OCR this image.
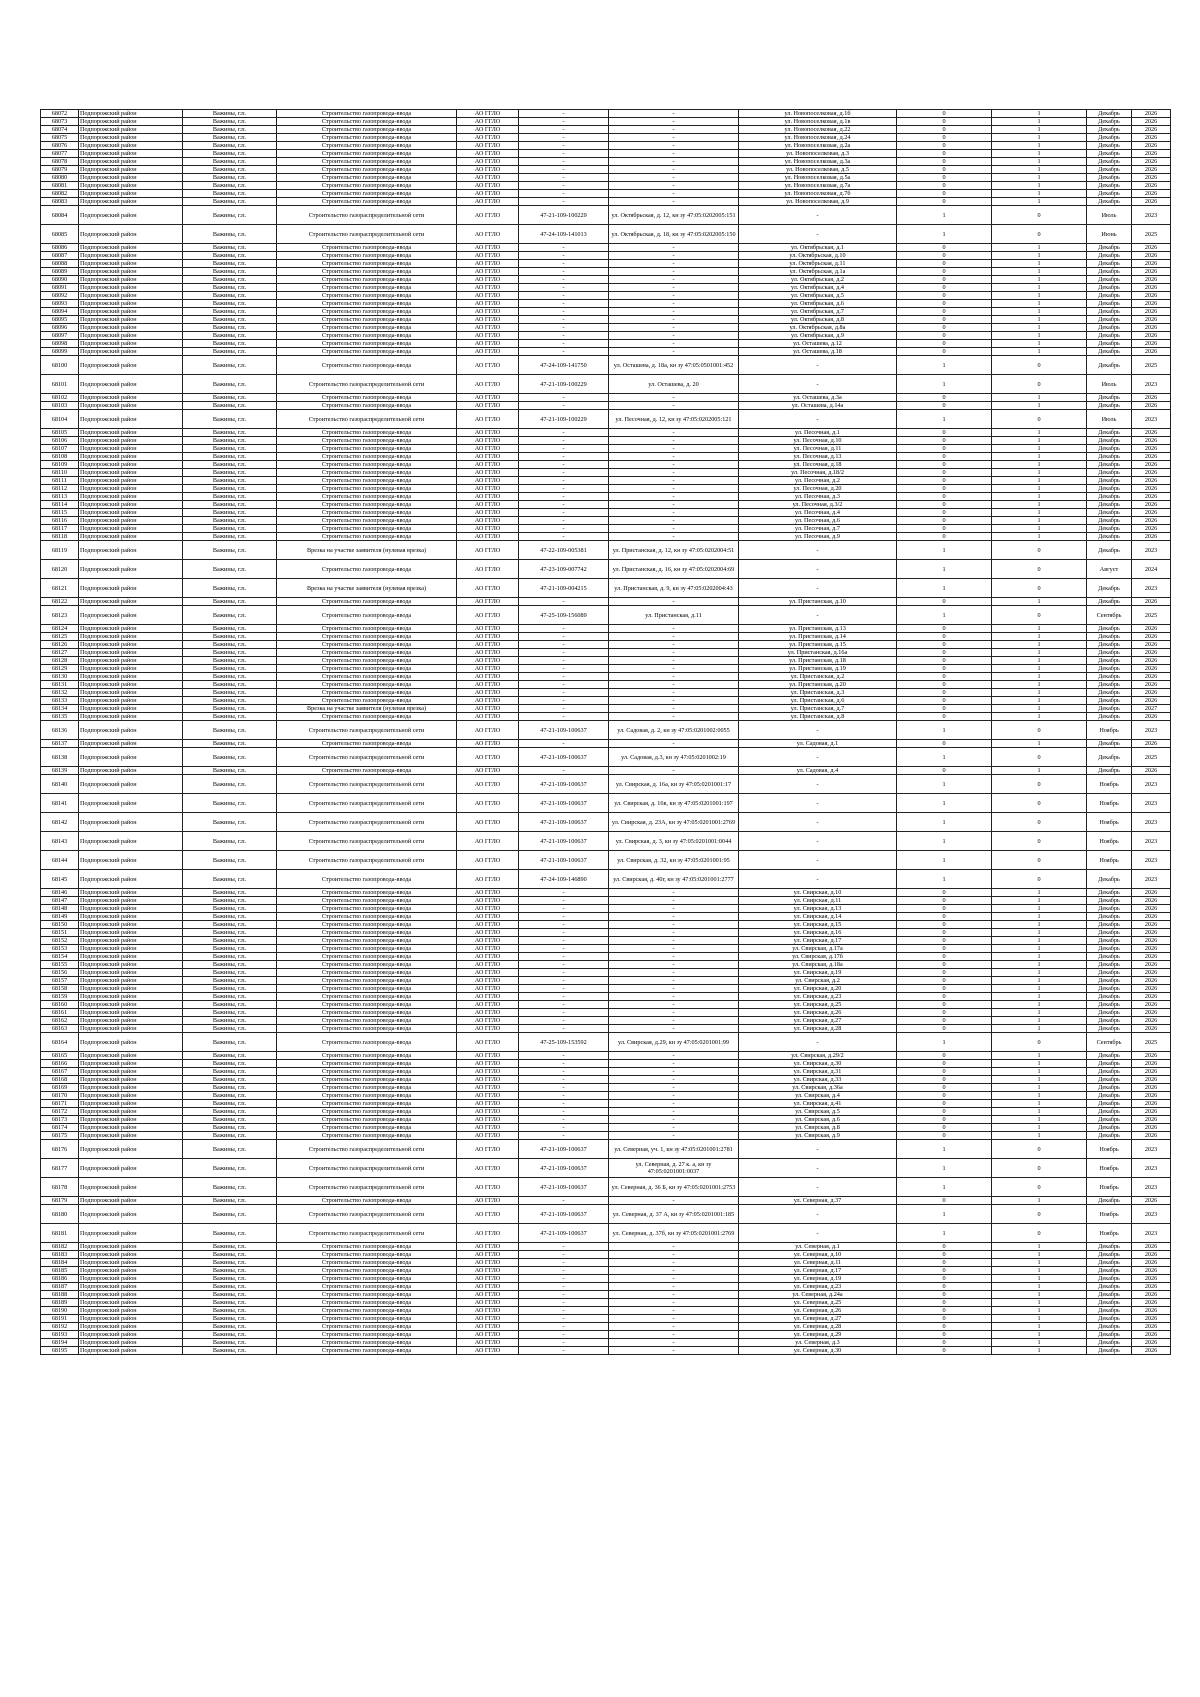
68072	Подпорожский район	Важины, г.п.	Строительство газопровода-ввода	АО ГГЛО	-	-	ул. Новопоселковая, д.1б	0	1	Декабрь	2026
68073	Подпорожский район	Важины, г.п.	Строительство газопровода-ввода	АО ГГЛО	-	-	ул. Новопоселковая, д.1в	0	1	Декабрь	2026
68074	Подпорожский район	Важины, г.п.	Строительство газопровода-ввода	АО ГГЛО	-	-	ул. Новопоселковая, д.22	0	1	Декабрь	2026
68075	Подпорожский район	Важины, г.п.	Строительство газопровода-ввода	АО ГГЛО	-	-	ул. Новопоселковая, д.24	0	1	Декабрь	2026
68076	Подпорожский район	Важины, г.п.	Строительство газопровода-ввода	АО ГГЛО	-	-	ул. Новопоселковая, д.2а	0	1	Декабрь	2026
68077	Подпорожский район	Важины, г.п.	Строительство газопровода-ввода	АО ГГЛО	-	-	ул. Новопоселковая, д.3	0	1	Декабрь	2026
68078	Подпорожский район	Важины, г.п.	Строительство газопровода-ввода	АО ГГЛО	-	-	ул. Новопоселковая, д.3а	0	1	Декабрь	2026
68079	Подпорожский район	Важины, г.п.	Строительство газопровода-ввода	АО ГГЛО	-	-	ул. Новопоселковая, д.5	0	1	Декабрь	2026
68080	Подпорожский район	Важины, г.п.	Строительство газопровода-ввода	АО ГГЛО	-	-	ул. Новопоселковая, д.5а	0	1	Декабрь	2026
68081	Подпорожский район	Важины, г.п.	Строительство газопровода-ввода	АО ГГЛО	-	-	ул. Новопоселковая, д.7а	0	1	Декабрь	2026
68082	Подпорожский район	Важины, г.п.	Строительство газопровода-ввода	АО ГГЛО	-	-	ул. Новопоселковая, д.7б	0	1	Декабрь	2026
68083	Подпорожский район	Важины, г.п.	Строительство газопровода-ввода	АО ГГЛО	-	-	ул. Новопоселковая, д.9	0	1	Декабрь	2026
68084	Подпорожский район	Важины, г.п.	Строительство газораспределительной сети	АО ГГЛО	47-21-109-100229	ул. Октябрьская, д. 12, кн зу 47:05:0202005:151	-	1	0	Июль	2023
68085	Подпорожский район	Важины, г.п.	Строительство газораспределительной сети	АО ГГЛО	47-24-109-141013	ул. Октябрьская, д. 18, кн зу 47:05:0202005:150	-	1	0	Июнь	2025
68086	Подпорожский район	Важины, г.п.	Строительство газопровода-ввода	АО ГГЛО	-	-	ул. Октябрьская, д.1	0	1	Декабрь	2026
68087	Подпорожский район	Важины, г.п.	Строительство газопровода-ввода	АО ГГЛО	-	-	ул. Октябрьская, д.10	0	1	Декабрь	2026
68088	Подпорожский район	Важины, г.п.	Строительство газопровода-ввода	АО ГГЛО	-	-	ул. Октябрьская, д.11	0	1	Декабрь	2026
68089	Подпорожский район	Важины, г.п.	Строительство газопровода-ввода	АО ГГЛО	-	-	ул. Октябрьская, д.1а	0	1	Декабрь	2026
68090	Подпорожский район	Важины, г.п.	Строительство газопровода-ввода	АО ГГЛО	-	-	ул. Октябрьская, д.2	0	1	Декабрь	2026
68091	Подпорожский район	Важины, г.п.	Строительство газопровода-ввода	АО ГГЛО	-	-	ул. Октябрьская, д.4	0	1	Декабрь	2026
68092	Подпорожский район	Важины, г.п.	Строительство газопровода-ввода	АО ГГЛО	-	-	ул. Октябрьская, д.5	0	1	Декабрь	2026
68093	Подпорожский район	Важины, г.п.	Строительство газопровода-ввода	АО ГГЛО	-	-	ул. Октябрьская, д.6	0	1	Декабрь	2026
68094	Подпорожский район	Важины, г.п.	Строительство газопровода-ввода	АО ГГЛО	-	-	ул. Октябрьская, д.7	0	1	Декабрь	2026
68095	Подпорожский район	Важины, г.п.	Строительство газопровода-ввода	АО ГГЛО	-	-	ул. Октябрьская, д.8	0	1	Декабрь	2026
68096	Подпорожский район	Важины, г.п.	Строительство газопровода-ввода	АО ГГЛО	-	-	ул. Октябрьская, д.8а	0	1	Декабрь	2026
68097	Подпорожский район	Важины, г.п.	Строительство газопровода-ввода	АО ГГЛО	-	-	ул. Октябрьская, д.9	0	1	Декабрь	2026
68098	Подпорожский район	Важины, г.п.	Строительство газопровода-ввода	АО ГГЛО	-	-	ул. Осташева, д.12	0	1	Декабрь	2026
68099	Подпорожский район	Важины, г.п.	Строительство газопровода-ввода	АО ГГЛО	-	-	ул. Осташева, д.18	0	1	Декабрь	2026
68100	Подпорожский район	Важины, г.п.	Строительство газопровода-ввода	АО ГГЛО	47-24-109-141750	ул. Осташева, д. 18а, кн зу 47:05:0501001:452	-	1	0	Декабрь	2025
68101	Подпорожский район	Важины, г.п.	Строительство газораспределительной сети	АО ГГЛО	47-21-109-100229	ул. Осташева, д. 20	-	1	0	Июль	2023
68102	Подпорожский район	Важины, г.п.	Строительство газопровода-ввода	АО ГГЛО	-	-	ул. Осташева, д.3а	0	1	Декабрь	2026
68103	Подпорожский район	Важины, г.п.	Строительство газопровода-ввода	АО ГГЛО	-	-	ул. Осташева, д.14а	0	1	Декабрь	2026
68104	Подпорожский район	Важины, г.п.	Строительство газораспределительной сети	АО ГГЛО	47-21-109-100229	ул. Песочная, д. 12, кн зу 47:05:0202005:121	-	1	0	Июль	2023
68105	Подпорожский район	Важины, г.п.	Строительство газопровода-ввода	АО ГГЛО	-	-	ул. Песочная, д.1	0	1	Декабрь	2026
68106	Подпорожский район	Важины, г.п.	Строительство газопровода-ввода	АО ГГЛО	-	-	ул. Песочная, д.10	0	1	Декабрь	2026
68107	Подпорожский район	Важины, г.п.	Строительство газопровода-ввода	АО ГГЛО	-	-	ул. Песочная, д.11	0	1	Декабрь	2026
68108	Подпорожский район	Важины, г.п.	Строительство газопровода-ввода	АО ГГЛО	-	-	ул. Песочная, д.13	0	1	Декабрь	2026
68109	Подпорожский район	Важины, г.п.	Строительство газопровода-ввода	АО ГГЛО	-	-	ул. Песочная, д.18	0	1	Декабрь	2026
68110	Подпорожский район	Важины, г.п.	Строительство газопровода-ввода	АО ГГЛО	-	-	ул. Песочная, д.18/2	0	1	Декабрь	2026
68111	Подпорожский район	Важины, г.п.	Строительство газопровода-ввода	АО ГГЛО	-	-	ул. Песочная, д.2	0	1	Декабрь	2026
68112	Подпорожский район	Важины, г.п.	Строительство газопровода-ввода	АО ГГЛО	-	-	ул. Песочная, д.20	0	1	Декабрь	2026
68113	Подпорожский район	Важины, г.п.	Строительство газопровода-ввода	АО ГГЛО	-	-	ул. Песочная, д.3	0	1	Декабрь	2026
68114	Подпорожский район	Важины, г.п.	Строительство газопровода-ввода	АО ГГЛО	-	-	ул. Песочная, д.3/2	0	1	Декабрь	2026
68115	Подпорожский район	Важины, г.п.	Строительство газопровода-ввода	АО ГГЛО	-	-	ул. Песочная, д.4	0	1	Декабрь	2026
68116	Подпорожский район	Важины, г.п.	Строительство газопровода-ввода	АО ГГЛО	-	-	ул. Песочная, д.6	0	1	Декабрь	2026
68117	Подпорожский район	Важины, г.п.	Строительство газопровода-ввода	АО ГГЛО	-	-	ул. Песочная, д.7	0	1	Декабрь	2026
68118	Подпорожский район	Важины, г.п.	Строительство газопровода-ввода	АО ГГЛО	-	-	ул. Песочная, д.9	0	1	Декабрь	2026
68119	Подпорожский район	Важины, г.п.	Врезка на участке заявителя (нулевая врезка)	АО ГГЛО	47-22-109-005381	ул. Пристанская, д. 12, кн зу 47:05:0202004:51	-	1	0	Декабрь	2023
68120	Подпорожский район	Важины, г.п.	Строительство газопровода-ввода	АО ГГЛО	47-23-109-007742	ул. Пристанская, д. 16, кн зу 47:05:0202004:69	-	1	0	Август	2024
68121	Подпорожский район	Важины, г.п.	Врезка на участке заявителя (нулевая врезка)	АО ГГЛО	47-21-109-004215	ул. Пристанская, д. 9, кн зу 47:05:0202004:43	-	1	0	Декабрь	2023
68122	Подпорожский район	Важины, г.п.	Строительство газопровода-ввода	АО ГГЛО	-	-	ул. Пристанская, д.10	0	1	Декабрь	2026
68123	Подпорожский район	Важины, г.п.	Строительство газопровода-ввода	АО ГГЛО	47-25-109-156089	ул. Пристанская, д.11	-	1	0	Сентябрь	2025
68124	Подпорожский район	Важины, г.п.	Строительство газопровода-ввода	АО ГГЛО	-	-	ул. Пристанская, д.13	0	1	Декабрь	2026
68125	Подпорожский район	Важины, г.п.	Строительство газопровода-ввода	АО ГГЛО	-	-	ул. Пристанская, д.14	0	1	Декабрь	2026
68126	Подпорожский район	Важины, г.п.	Строительство газопровода-ввода	АО ГГЛО	-	-	ул. Пристанская, д.15	0	1	Декабрь	2026
68127	Подпорожский район	Важины, г.п.	Строительство газопровода-ввода	АО ГГЛО	-	-	ул. Пристанская, д.16а	0	1	Декабрь	2026
68128	Подпорожский район	Важины, г.п.	Строительство газопровода-ввода	АО ГГЛО	-	-	ул. Пристанская, д.18	0	1	Декабрь	2026
68129	Подпорожский район	Важины, г.п.	Строительство газопровода-ввода	АО ГГЛО	-	-	ул. Пристанская, д.19	0	1	Декабрь	2026
68130	Подпорожский район	Важины, г.п.	Строительство газопровода-ввода	АО ГГЛО	-	-	ул. Пристанская, д.2	0	1	Декабрь	2026
68131	Подпорожский район	Важины, г.п.	Строительство газопровода-ввода	АО ГГЛО	-	-	ул. Пристанская, д.20	0	1	Декабрь	2026
68132	Подпорожский район	Важины, г.п.	Строительство газопровода-ввода	АО ГГЛО	-	-	ул. Пристанская, д.3	0	1	Декабрь	2026
68133	Подпорожский район	Важины, г.п.	Строительство газопровода-ввода	АО ГГЛО	-	-	ул. Пристанская, д.6	0	1	Декабрь	2026
68134	Подпорожский район	Важины, г.п.	Врезка на участке заявителя (нулевая врезка)	АО ГГЛО	-	-	ул. Пристанская, д.7	0	1	Декабрь	2027
68135	Подпорожский район	Важины, г.п.	Строительство газопровода-ввода	АО ГГЛО	-	-	ул. Пристанская, д.8	0	1	Декабрь	2026
68136	Подпорожский район	Важины, г.п.	Строительство газораспределительной сети	АО ГГЛО	47-21-109-100637	ул. Садовая, д. 2, кн зу 47:05:0201002:0055	-	1	0	Ноябрь	2023
68137	Подпорожский район	Важины, г.п.	Строительство газопровода-ввода	АО ГГЛО	-	-	ул. Садовая, д.1	0	1	Декабрь	2026
68138	Подпорожский район	Важины, г.п.	Строительство газораспределительной сети	АО ГГЛО	47-21-109-100637	ул. Садовая, д.3, кн зу 47:05:0201002:19	-	1	0	Декабрь	2025
68139	Подпорожский район	Важины, г.п.	Строительство газопровода-ввода	АО ГГЛО	-	-	ул. Садовая, д.4	0	1	Декабрь	2026
68140	Подпорожский район	Важины, г.п.	Строительство газораспределительной сети	АО ГГЛО	47-21-109-100637	ул. Свирская, д. 16а, кн зу 47:05:0201001:17	-	1	0	Ноябрь	2023
68141	Подпорожский район	Важины, г.п.	Строительство газораспределительной сети	АО ГГЛО	47-21-109-100637	ул. Свирская, д. 16в, кн зу 47:05:0201001:197	-	1	0	Ноябрь	2023
68142	Подпорожский район	Важины, г.п.	Строительство газораспределительной сети	АО ГГЛО	47-21-109-100637	ул. Свирская, д. 23А, кн зу 47:05:0201001:2769	-	1	0	Ноябрь	2023
68143	Подпорожский район	Важины, г.п.	Строительство газораспределительной сети	АО ГГЛО	47-21-109-100637	ул. Свирская, д. 3, кн зу 47:05:0201001:0044	-	1	0	Ноябрь	2023
68144	Подпорожский район	Важины, г.п.	Строительство газораспределительной сети	АО ГГЛО	47-21-109-100637	ул. Свирская, д. 32, кн зу 47:05:0201001:95	-	1	0	Ноябрь	2023
68145	Подпорожский район	Важины, г.п.	Строительство газопровода-ввода	АО ГГЛО	47-24-109-146890	ул. Свирская, д. 40г, кн зу 47:05:0201001:2777	-	1	0	Декабрь	2023
68146	Подпорожский район	Важины, г.п.	Строительство газопровода-ввода	АО ГГЛО	-	-	ул. Свирская, д.10	0	1	Декабрь	2026
68147	Подпорожский район	Важины, г.п.	Строительство газопровода-ввода	АО ГГЛО	-	-	ул. Свирская, д.11	0	1	Декабрь	2026
68148	Подпорожский район	Важины, г.п.	Строительство газопровода-ввода	АО ГГЛО	-	-	ул. Свирская, д.13	0	1	Декабрь	2026
68149	Подпорожский район	Важины, г.п.	Строительство газопровода-ввода	АО ГГЛО	-	-	ул. Свирская, д.14	0	1	Декабрь	2026
68150	Подпорожский район	Важины, г.п.	Строительство газопровода-ввода	АО ГГЛО	-	-	ул. Свирская, д.15	0	1	Декабрь	2026
68151	Подпорожский район	Важины, г.п.	Строительство газопровода-ввода	АО ГГЛО	-	-	ул. Свирская, д.16	0	1	Декабрь	2026
68152	Подпорожский район	Важины, г.п.	Строительство газопровода-ввода	АО ГГЛО	-	-	ул. Свирская, д.17	0	1	Декабрь	2026
68153	Подпорожский район	Важины, г.п.	Строительство газопровода-ввода	АО ГГЛО	-	-	ул. Свирская, д.17а	0	1	Декабрь	2026
68154	Подпорожский район	Важины, г.п.	Строительство газопровода-ввода	АО ГГЛО	-	-	ул. Свирская, д.17б	0	1	Декабрь	2026
68155	Подпорожский район	Важины, г.п.	Строительство газопровода-ввода	АО ГГЛО	-	-	ул. Свирская, д.18а	0	1	Декабрь	2026
68156	Подпорожский район	Важины, г.п.	Строительство газопровода-ввода	АО ГГЛО	-	-	ул. Свирская, д.19	0	1	Декабрь	2026
68157	Подпорожский район	Важины, г.п.	Строительство газопровода-ввода	АО ГГЛО	-	-	ул. Свирская, д.2	0	1	Декабрь	2026
68158	Подпорожский район	Важины, г.п.	Строительство газопровода-ввода	АО ГГЛО	-	-	ул. Свирская, д.20	0	1	Декабрь	2026
68159	Подпорожский район	Важины, г.п.	Строительство газопровода-ввода	АО ГГЛО	-	-	ул. Свирская, д.23	0	1	Декабрь	2026
68160	Подпорожский район	Важины, г.п.	Строительство газопровода-ввода	АО ГГЛО	-	-	ул. Свирская, д.25	0	1	Декабрь	2026
68161	Подпорожский район	Важины, г.п.	Строительство газопровода-ввода	АО ГГЛО	-	-	ул. Свирская, д.26	0	1	Декабрь	2026
68162	Подпорожский район	Важины, г.п.	Строительство газопровода-ввода	АО ГГЛО	-	-	ул. Свирская, д.27	0	1	Декабрь	2026
68163	Подпорожский район	Важины, г.п.	Строительство газопровода-ввода	АО ГГЛО	-	-	ул. Свирская, д.28	0	1	Декабрь	2026
68164	Подпорожский район	Важины, г.п.	Строительство газопровода-ввода	АО ГГЛО	47-25-109-153592	ул. Свирская, д.29, кн зу 47:05:0201001:99	-	1	0	Сентябрь	2025
68165	Подпорожский район	Важины, г.п.	Строительство газопровода-ввода	АО ГГЛО	-	-	ул. Свирская, д.29/2	0	1	Декабрь	2026
68166	Подпорожский район	Важины, г.п.	Строительство газопровода-ввода	АО ГГЛО	-	-	ул. Свирская, д.30	0	1	Декабрь	2026
68167	Подпорожский район	Важины, г.п.	Строительство газопровода-ввода	АО ГГЛО	-	-	ул. Свирская, д.31	0	1	Декабрь	2026
68168	Подпорожский район	Важины, г.п.	Строительство газопровода-ввода	АО ГГЛО	-	-	ул. Свирская, д.33	0	1	Декабрь	2026
68169	Подпорожский район	Важины, г.п.	Строительство газопровода-ввода	АО ГГЛО	-	-	ул. Свирская, д.36а	0	1	Декабрь	2026
68170	Подпорожский район	Важины, г.п.	Строительство газопровода-ввода	АО ГГЛО	-	-	ул. Свирская, д.4	0	1	Декабрь	2026
68171	Подпорожский район	Важины, г.п.	Строительство газопровода-ввода	АО ГГЛО	-	-	ул. Свирская, д.41	0	1	Декабрь	2026
68172	Подпорожский район	Важины, г.п.	Строительство газопровода-ввода	АО ГГЛО	-	-	ул. Свирская, д.5	0	1	Декабрь	2026
68173	Подпорожский район	Важины, г.п.	Строительство газопровода-ввода	АО ГГЛО	-	-	ул. Свирская, д.6	0	1	Декабрь	2026
68174	Подпорожский район	Важины, г.п.	Строительство газопровода-ввода	АО ГГЛО	-	-	ул. Свирская, д.8	0	1	Декабрь	2026
68175	Подпорожский район	Важины, г.п.	Строительство газопровода-ввода	АО ГГЛО	-	-	ул. Свирская, д.9	0	1	Декабрь	2026
68176	Подпорожский район	Важины, г.п.	Строительство газораспределительной сети	АО ГГЛО	47-21-109-100637	ул. Северная, уч. 1, кн зу 47:05:0201001:2781	-	1	0	Ноябрь	2023
68177	Подпорожский район	Важины, г.п.	Строительство газораспределительной сети	АО ГГЛО	47-21-109-100637	ул. Северная, д. 27 к. а, кн зу 47:05:0201001:0037	-	1	0	Ноябрь	2023
68178	Подпорожский район	Важины, г.п.	Строительство газораспределительной сети	АО ГГЛО	47-21-109-100637	ул. Северная, д. 36 Б, кн зу 47:05:0201001:2753	-	1	0	Ноябрь	2023
68179	Подпорожский район	Важины, г.п.	Строительство газопровода-ввода	АО ГГЛО	-	-	ул. Северная, д.37	0	1	Декабрь	2026
68180	Подпорожский район	Важины, г.п.	Строительство газораспределительной сети	АО ГГЛО	47-21-109-100637	ул. Северная, д. 37 А, кн зу 47:05:0201001:185	-	1	0	Ноябрь	2023
68181	Подпорожский район	Важины, г.п.	Строительство газораспределительной сети	АО ГГЛО	47-21-109-100637	ул. Северная, д. 37б, кн зу 47:05:0201001:2769	-	1	0	Ноябрь	2023
68182	Подпорожский район	Важины, г.п.	Строительство газопровода-ввода	АО ГГЛО	-	-	ул. Северная, д.1	0	1	Декабрь	2026
68183	Подпорожский район	Важины, г.п.	Строительство газопровода-ввода	АО ГГЛО	-	-	ул. Северная, д.10	0	1	Декабрь	2026
68184	Подпорожский район	Важины, г.п.	Строительство газопровода-ввода	АО ГГЛО	-	-	ул. Северная, д.11	0	1	Декабрь	2026
68185	Подпорожский район	Важины, г.п.	Строительство газопровода-ввода	АО ГГЛО	-	-	ул. Северная, д.17	0	1	Декабрь	2026
68186	Подпорожский район	Важины, г.п.	Строительство газопровода-ввода	АО ГГЛО	-	-	ул. Северная, д.19	0	1	Декабрь	2026
68187	Подпорожский район	Важины, г.п.	Строительство газопровода-ввода	АО ГГЛО	-	-	ул. Северная, д.23	0	1	Декабрь	2026
68188	Подпорожский район	Важины, г.п.	Строительство газопровода-ввода	АО ГГЛО	-	-	ул. Северная, д.24а	0	1	Декабрь	2026
68189	Подпорожский район	Важины, г.п.	Строительство газопровода-ввода	АО ГГЛО	-	-	ул. Северная, д.25	0	1	Декабрь	2026
68190	Подпорожский район	Важины, г.п.	Строительство газопровода-ввода	АО ГГЛО	-	-	ул. Северная, д.26	0	1	Декабрь	2026
68191	Подпорожский район	Важины, г.п.	Строительство газопровода-ввода	АО ГГЛО	-	-	ул. Северная, д.27	0	1	Декабрь	2026
68192	Подпорожский район	Важины, г.п.	Строительство газопровода-ввода	АО ГГЛО	-	-	ул. Северная, д.28	0	1	Декабрь	2026
68193	Подпорожский район	Важины, г.п.	Строительство газопровода-ввода	АО ГГЛО	-	-	ул. Северная, д.29	0	1	Декабрь	2026
68194	Подпорожский район	Важины, г.п.	Строительство газопровода-ввода	АО ГГЛО	-	-	ул. Северная, д.3	0	1	Декабрь	2026
68195	Подпорожский район	Важины, г.п.	Строительство газопровода-ввода	АО ГГЛО	-	-	ул. Северная, д.30	0	1	Декабрь	2026
